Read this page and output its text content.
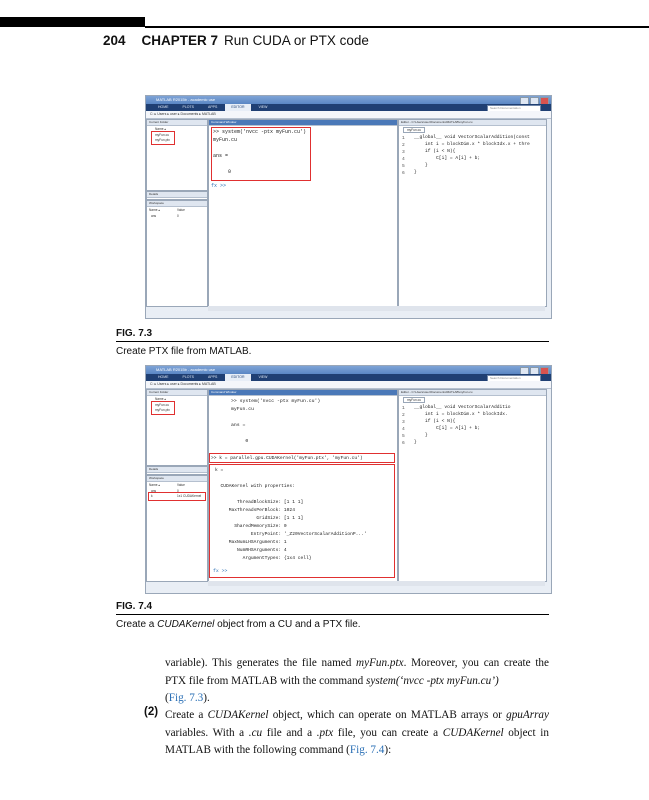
204 CHAPTER 7 Run CUDA or PTX code
MATLAB R2015b - academic use
HOME	PLOTS	APPS	EDITOR	VIEW	Search Documentation
C: ▸ Users ▸ user ▸ Documents ▸ MATLAB
Current Folder
Name ▴
myFun.cu
myFun.ptx
Details
Workspace
Name ▴	Value
ans	0
Command Window
>> system('nvcc -ptx myFun.cu')
myFun.cu
ans =
0
fx >>
Editor - C:\Users\user\Documents\MATLAB\myFun.cu
myFun.cu
1
2
3
4
5
6
__global__ void VectorScalarAddition(const
int i = blockDim.x * blockIdx.x + thre
if (i < N){
C[i] = A[i] + b;
}
}
FIG. 7.3
Create PTX file from MATLAB.
MATLAB R2015b - academic use
HOME	PLOTS	APPS	EDITOR	VIEW	Search Documentation
C: ▸ Users ▸ user ▸ Documents ▸ MATLAB
Current Folder
Name ▴
myFun.cu
myFun.ptx
Details
Workspace
Name ▴	Value
ans	0
k	1x1 CUDAKernel
Command Window
>> system('nvcc -ptx myFun.cu')
myFun.cu
ans =
0
>> k = parallel.gpu.CUDAKernel('myFun.ptx', 'myFun.cu')
k =
CUDAKernel with properties:
ThreadBlockSize: [1 1 1]
MaxThreadsPerBlock: 1024
GridSize: [1 1 1]
SharedMemorySize: 0
EntryPoint: '_Z20VectorScalarAdditionP...'
MaxNumLHSArguments: 1
NumRHSArguments: 4
ArgumentTypes: {1x4 cell}
fx >>
Editor - C:\Users\user\Documents\MATLAB\myFun.cu
myFun.cu
1
2
3
4
5
6
__global__ void VectorScalarAdditio
int i = blockDim.x * blockIdx.
if (i < N){
C[i] = A[i] + b;
}
}
FIG. 7.4
Create a CUDAKernel object from a CU and a PTX file.
variable). This generates the file named myFun.ptx. Moreover, you can create the PTX file from MATLAB with the command system(‘nvcc -ptx myFun.cu’)
(Fig. 7.3).
(2) Create a CUDAKernel object, which can operate on MATLAB arrays or gpuArray variables. With a .cu file and a .ptx file, you can create a CUDAKernel object in MATLAB with the following command (Fig. 7.4):
